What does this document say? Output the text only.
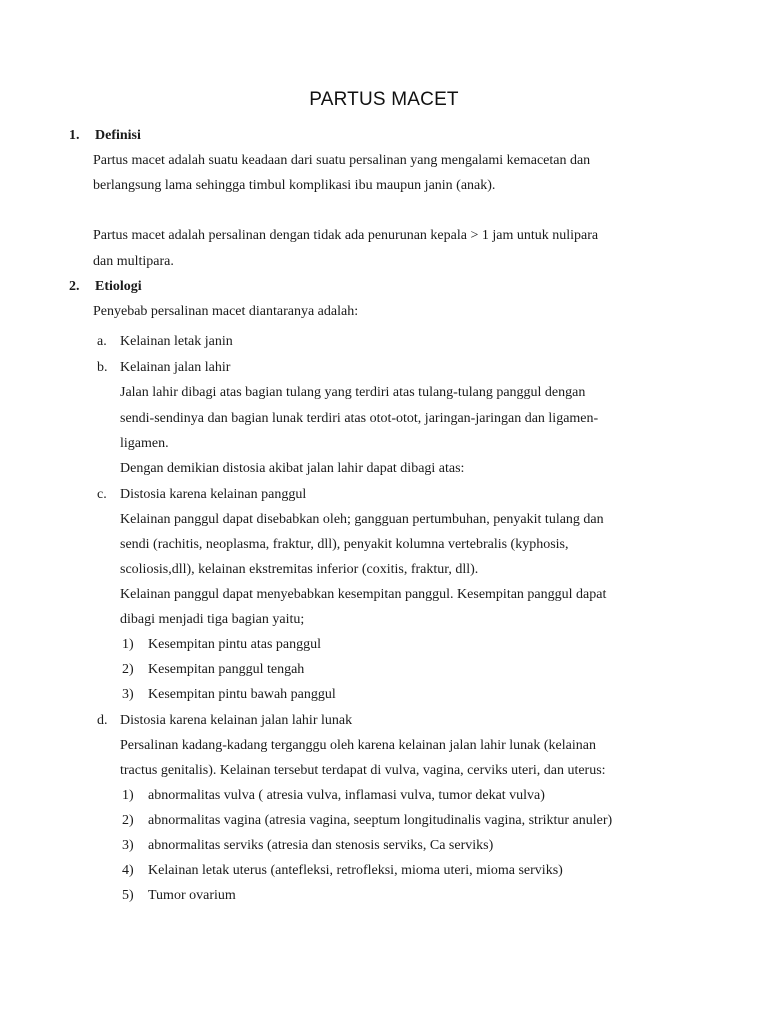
PARTUS MACET
1. Definisi
Partus macet adalah suatu keadaan dari suatu persalinan yang mengalami kemacetan dan
berlangsung lama sehingga timbul komplikasi ibu maupun janin (anak).
Partus macet adalah persalinan dengan tidak ada penurunan kepala > 1 jam untuk nulipara
dan multipara.
2. Etiologi
Penyebab persalinan macet diantaranya adalah:
a. Kelainan letak janin
b. Kelainan jalan lahir
Jalan lahir dibagi atas bagian tulang yang terdiri atas tulang-tulang panggul dengan
sendi-sendinya dan bagian lunak terdiri atas otot-otot, jaringan-jaringan dan ligamen-
ligamen.
Dengan demikian distosia akibat jalan lahir dapat dibagi atas:
c. Distosia karena kelainan panggul
Kelainan panggul dapat disebabkan oleh; gangguan pertumbuhan, penyakit tulang dan
sendi (rachitis, neoplasma, fraktur, dll), penyakit kolumna vertebralis (kyphosis,
scoliosis,dll), kelainan ekstremitas inferior (coxitis, fraktur, dll).
Kelainan panggul dapat menyebabkan kesempitan panggul. Kesempitan panggul dapat
dibagi menjadi tiga bagian yaitu;
1) Kesempitan pintu atas panggul
2) Kesempitan panggul tengah
3) Kesempitan pintu bawah panggul
d. Distosia karena kelainan jalan lahir lunak
Persalinan kadang-kadang terganggu oleh karena kelainan jalan lahir lunak (kelainan
tractus genitalis). Kelainan tersebut terdapat di vulva, vagina, cerviks uteri, dan uterus:
1) abnormalitas vulva ( atresia vulva, inflamasi vulva, tumor dekat vulva)
2) abnormalitas vagina (atresia vagina, seeptum longitudinalis vagina, striktur anuler)
3) abnormalitas serviks (atresia dan stenosis serviks, Ca serviks)
4) Kelainan letak uterus (antefleksi, retrofleksi, mioma uteri, mioma serviks)
5) Tumor ovarium
